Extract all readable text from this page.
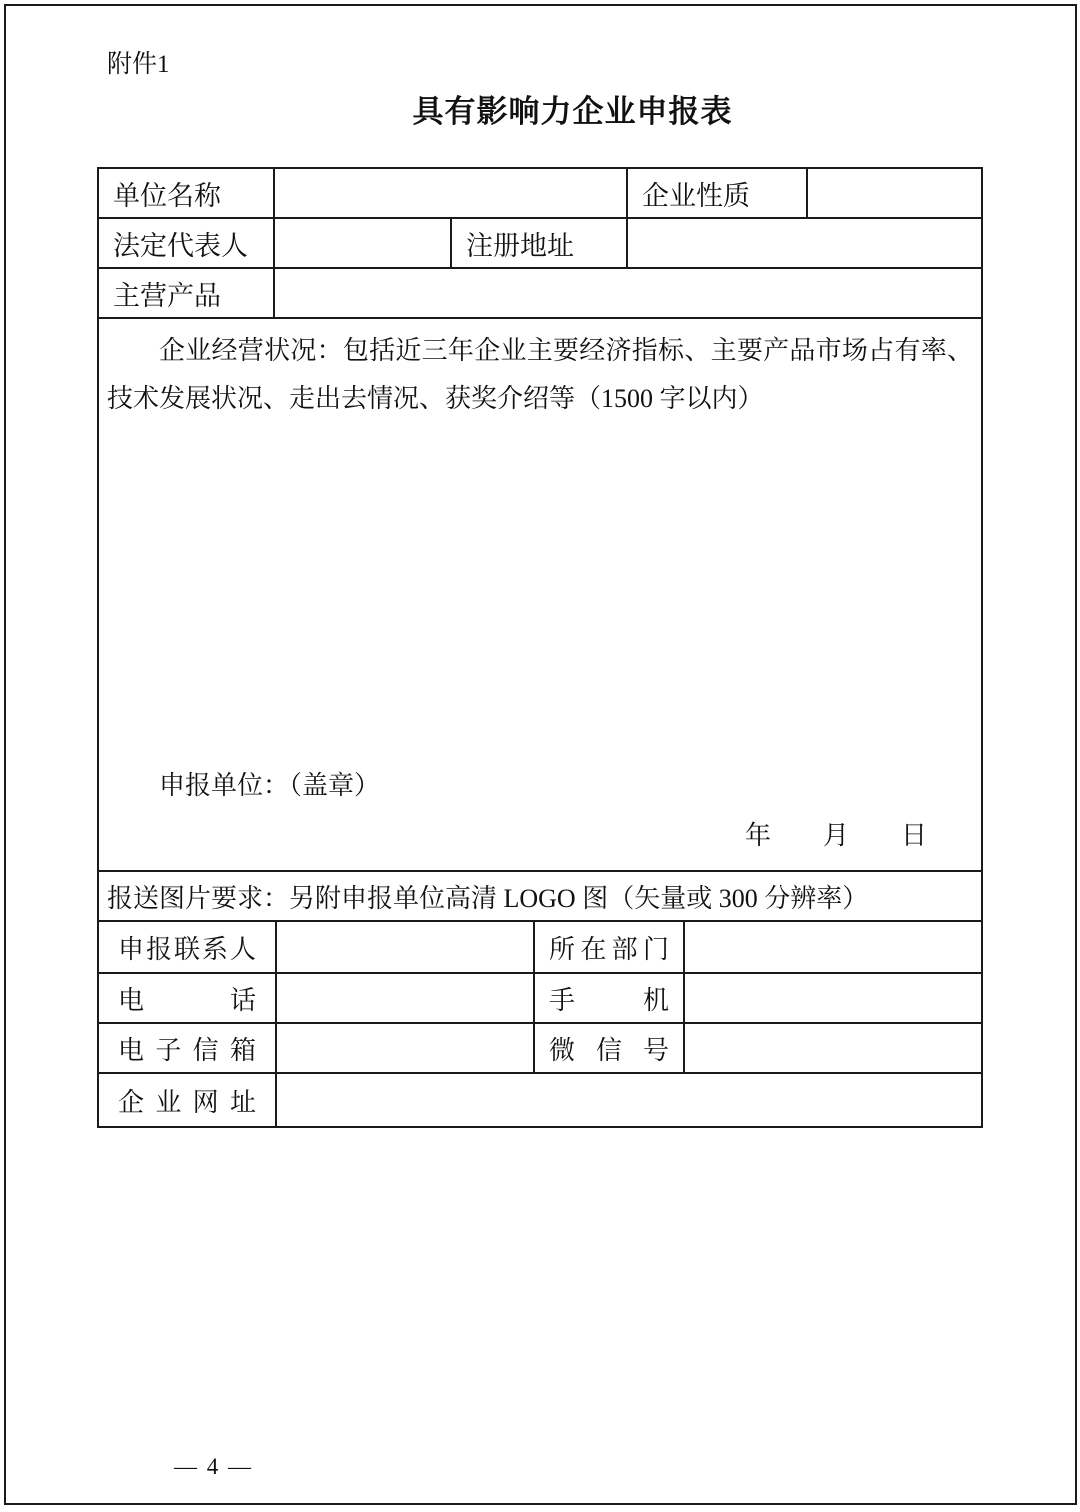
附件1
具有影响力企业申报表
单位名称	企业性质
法定代表人	注册地址
主营产品
企业经营状况：包括近三年企业主要经济指标、主要产品市场占有率、技术发展状况、走出去情况、获奖介绍等（1500 字以内）
申报单位：（盖章）
年　　月　　日
报送图片要求：另附申报单位高清 LOGO 图（矢量或 300 分辨率）
申报联系人	所在部门
电话	手机
电子信箱	微信号
企业网址
— 4 —
